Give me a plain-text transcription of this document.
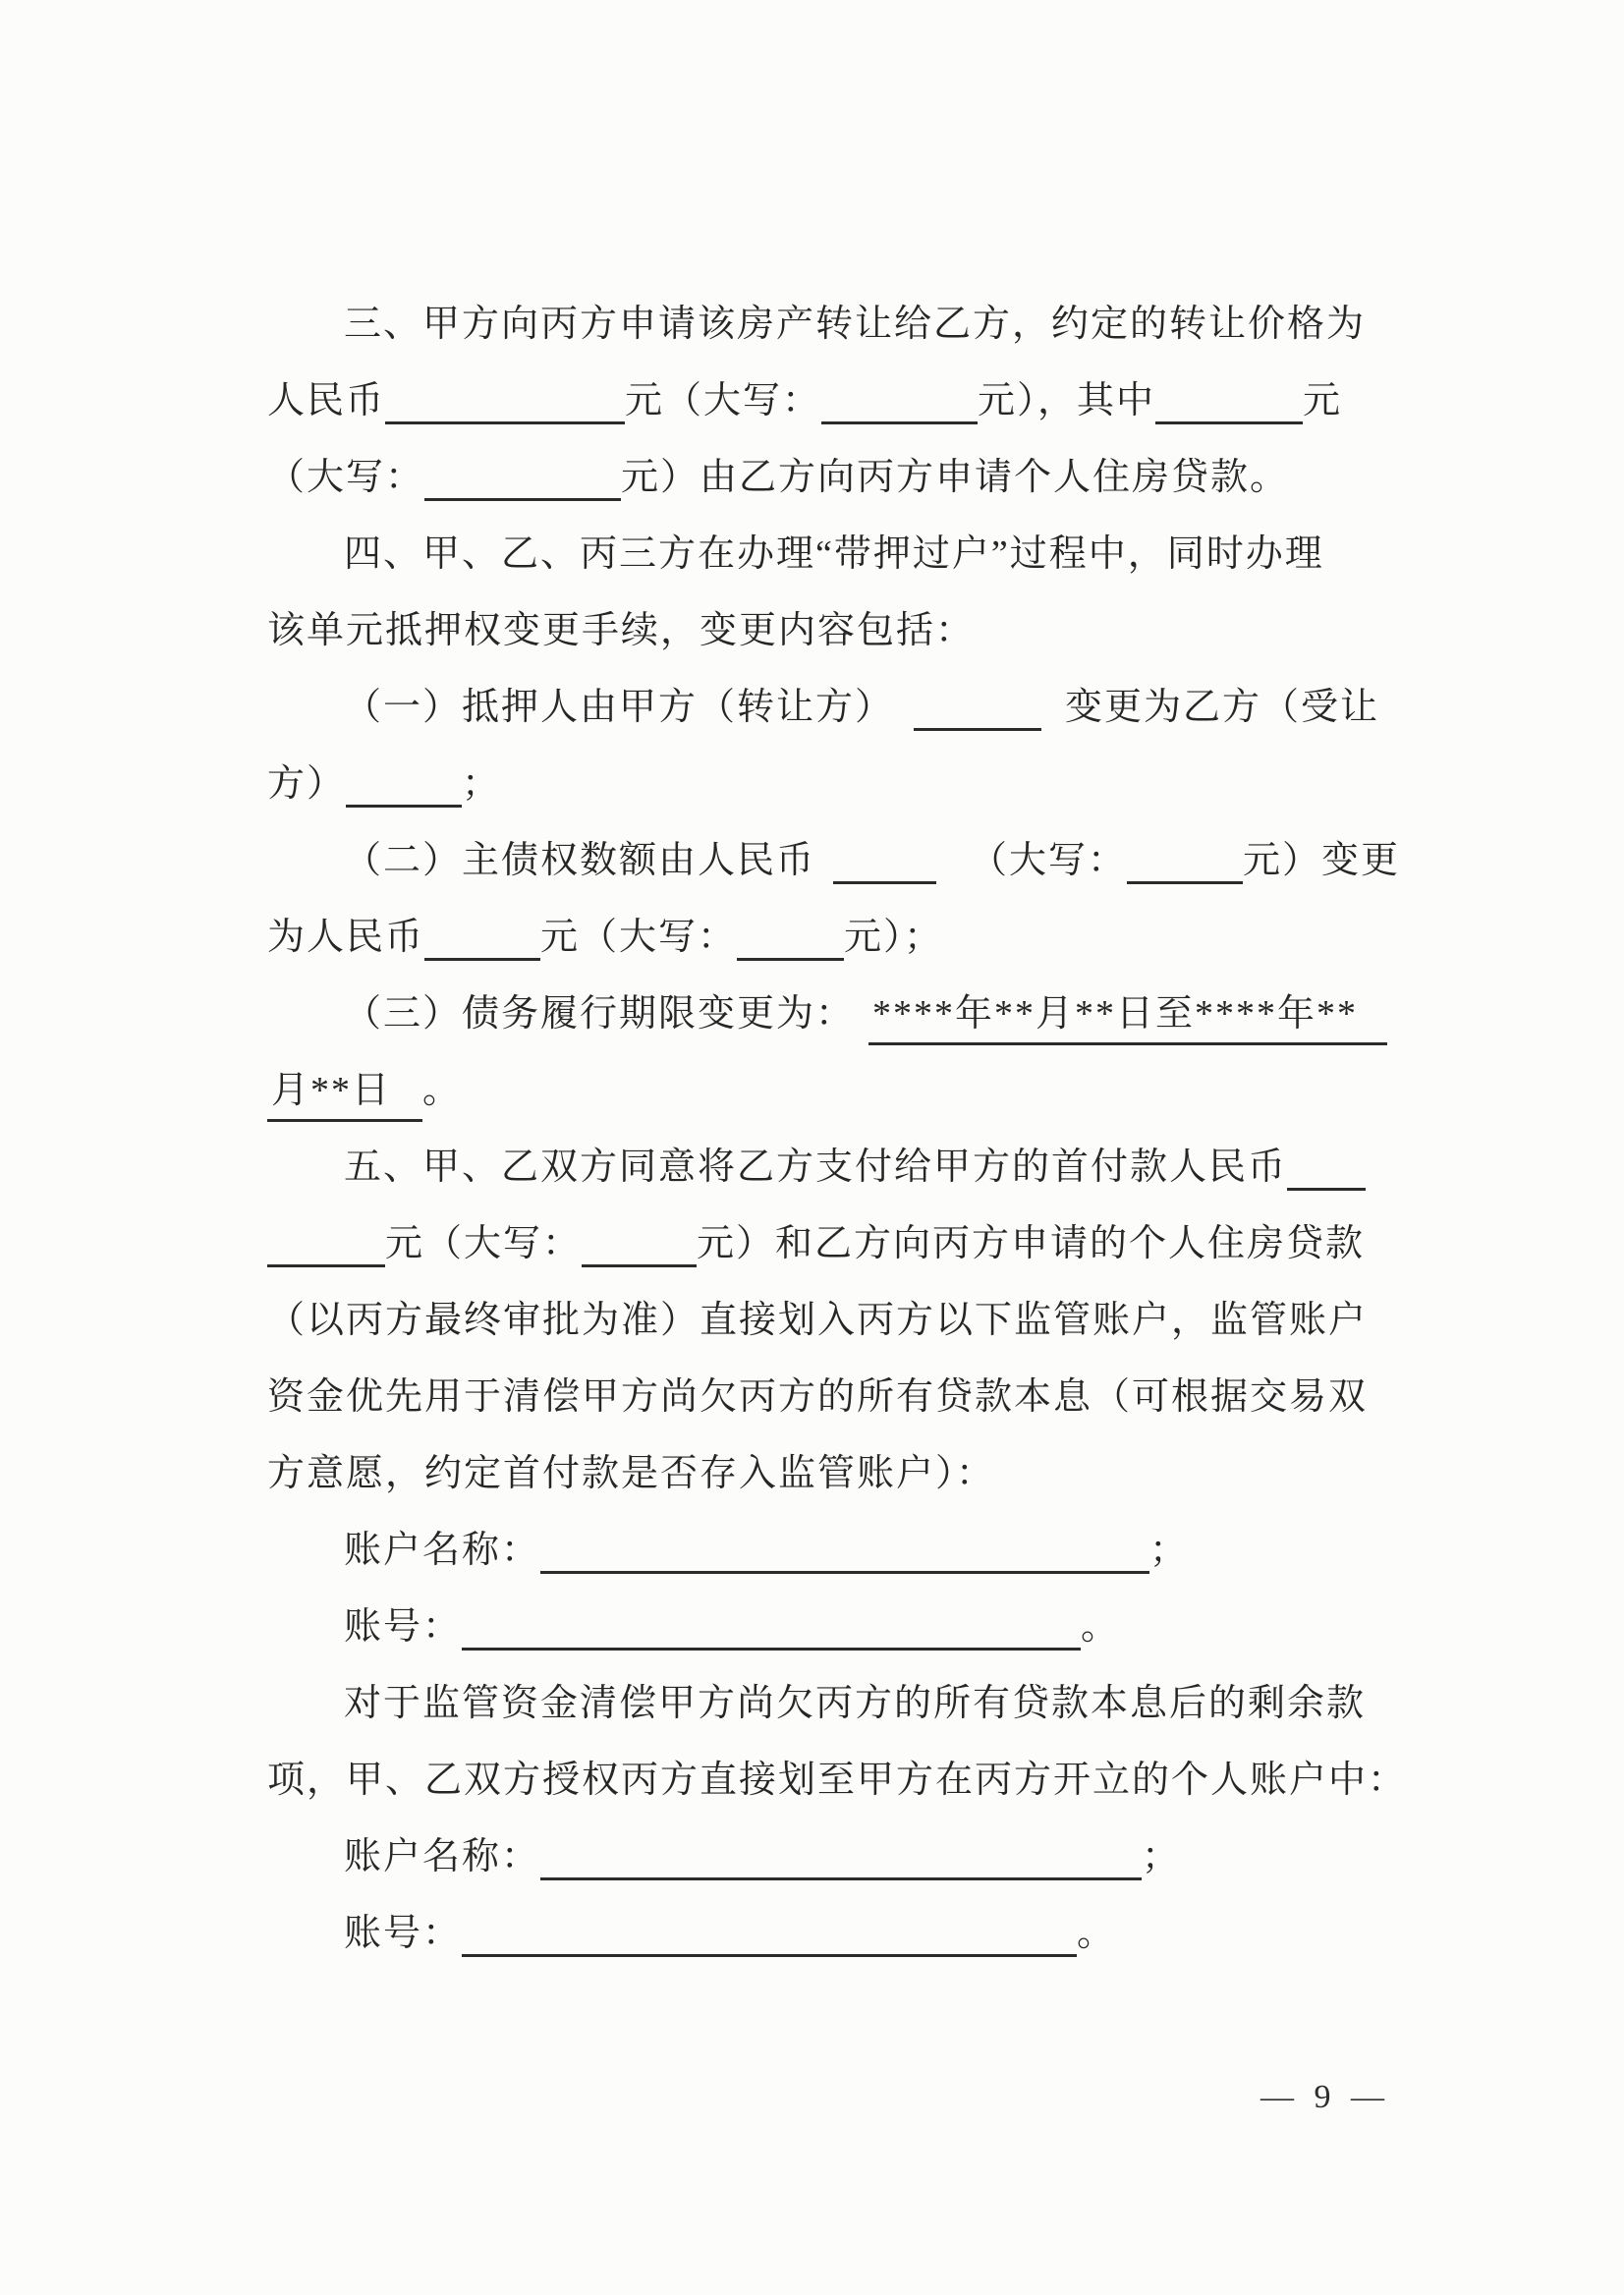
三、甲方向丙方申请该房产转让给乙方，约定的转让价格为
人民币	元（大写：	元），其中	元
（大写：	元）由乙方向丙方申请个人住房贷款。
四、甲、乙、丙三方在办理“带押过户”过程中，同时办理
该单元抵押权变更手续，变更内容包括：
（一）抵押人由甲方（转让方）	变更为乙方（受让
方）	；
（二）主债权数额由人民币	（大写：	元）变更
为人民币	元（大写：	元）；
（三）债务履行期限变更为： ****年**月**日至****年**
月**日 。
五、甲、乙双方同意将乙方支付给甲方的首付款人民币
元（大写：	元）和乙方向丙方申请的个人住房贷款
（以丙方最终审批为准）直接划入丙方以下监管账户，监管账户
资金优先用于清偿甲方尚欠丙方的所有贷款本息（可根据交易双
方意愿，约定首付款是否存入监管账户）：
账户名称：	；
账号：	。
对于监管资金清偿甲方尚欠丙方的所有贷款本息后的剩余款
项，甲、乙双方授权丙方直接划至甲方在丙方开立的个人账户中：
账户名称：	；
账号：	。
— 9 —
